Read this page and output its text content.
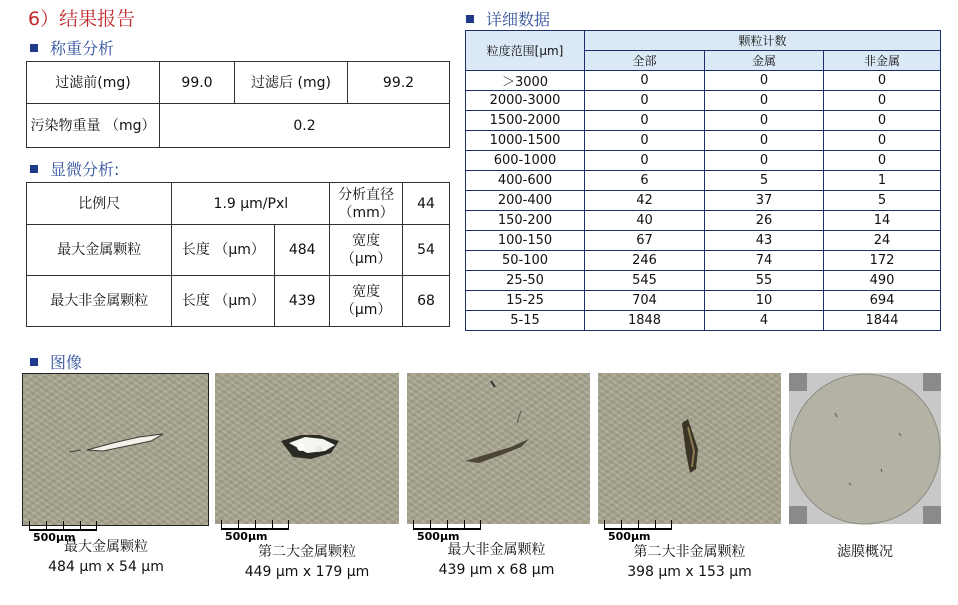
6）结果报告
称重分析
过滤前(mg)	99.0	过滤后 (mg)	99.2
污染物重量 （mg）	0.2		
显微分析:
比例尺	1.9 μm/Pxl		分析直径 （mm）	44
最大金属颗粒	长度 （μm）	484	宽度 （μm）	54
最大非金属颗粒	长度 （μm）	439	宽度 （μm）	68
详细数据
粒度范围[μm]	颗粒计数		
	全部	金属	非金属
＞3000	0	0	0
2000-3000	0	0	0
1500-2000	0	0	0
1000-1500	0	0	0
600-1000	0	0	0
400-600	6	5	1
200-400	42	37	5
150-200	40	26	14
100-150	67	43	24
50-100	246	74	172
25-50	545	55	490
15-25	704	10	694
5-15	1848	4	1844
图像
500μm	500μm	500μm	500μm
最大金属颗粒
484 μm x 54 μm
第二大金属颗粒
449 μm x 179 μm
最大非金属颗粒
439 μm x 68 μm
第二大非金属颗粒
398 μm x 153 μm
滤膜概况
